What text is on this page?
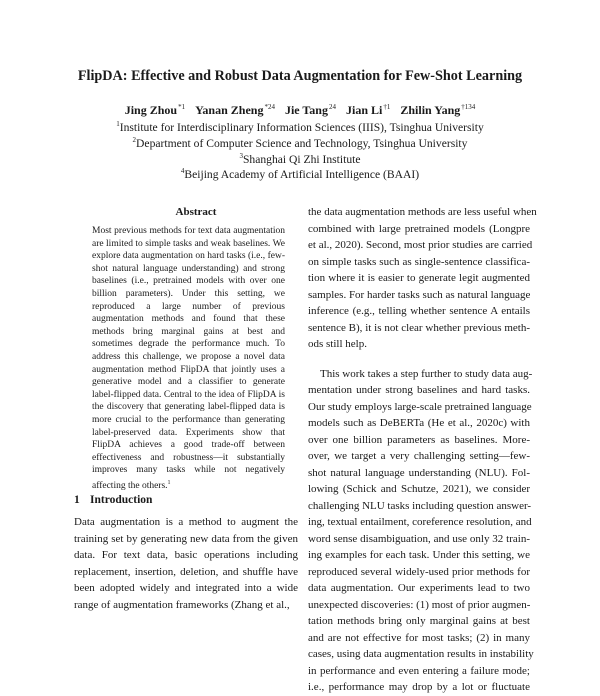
FlipDA: Effective and Robust Data Augmentation for Few-Shot Learning
Jing Zhou$^{*1}$ Yanan Zheng$^{*24}$ Jie Tang$^{24}$ Jian Li$^{\dagger 1}$ Zhilin Yang$^{\dagger 134}$
$^1$Institute for Interdisciplinary Information Sciences (IIIS), Tsinghua University
$^2$Department of Computer Science and Technology, Tsinghua University
$^3$Shanghai Qi Zhi Institute
$^4$Beijing Academy of Artificial Intelligence (BAAI)
Abstract
Most previous methods for text data augmentation are limited to simple tasks and weak baselines. We explore data augmentation on hard tasks (i.e., few-shot natural language understanding) and strong baselines (i.e., pretrained models with over one billion parameters). Under this setting, we reproduced a large number of previous augmentation methods and found that these methods bring marginal gains at best and sometimes degrade the performance much. To address this challenge, we propose a novel data augmentation method FlipDA that jointly uses a generative model and a classifier to generate label-flipped data. Central to the idea of FlipDA is the discovery that generating label-flipped data is more crucial to the performance than generating label-preserved data. Experiments show that FlipDA achieves a good trade-off between effectiveness and robustness—it substantially improves many tasks while not negatively affecting the others.$^1$
1 Introduction
Data augmentation is a method to augment the training set by generating new data from the given data. For text data, basic operations including replacement, insertion, deletion, and shuffle have been adopted widely and integrated into a wide range of augmentation frameworks (Zhang et al.,
the data augmentation methods are less useful when
combined with large pretrained models (Longpre
et al., 2020). Second, most prior studies are carried
on simple tasks such as single-sentence classifica-
tion where it is easier to generate legit augmented
samples. For harder tasks such as natural language
inference (e.g., telling whether sentence A entails
sentence B), it is not clear whether previous meth-
ods still help.
This work takes a step further to study data aug-
mentation under strong baselines and hard tasks.
Our study employs large-scale pretrained language
models such as DeBERTa (He et al., 2020c) with
over one billion parameters as baselines. More-
over, we target a very challenging setting—few-
shot natural language understanding (NLU). Fol-
lowing (Schick and Schutze, 2021), we consider
challenging NLU tasks including question answer-
ing, textual entailment, coreference resolution, and
word sense disambiguation, and use only 32 train-
ing examples for each task. Under this setting, we
reproduced several widely-used prior methods for
data augmentation. Our experiments lead to two
unexpected discoveries: (1) most of prior augmen-
tation methods bring only marginal gains at best
and are not effective for most tasks; (2) in many
cases, using data augmentation results in instability
in performance and even entering a failure mode;
i.e., performance may drop by a lot or fluctuate
